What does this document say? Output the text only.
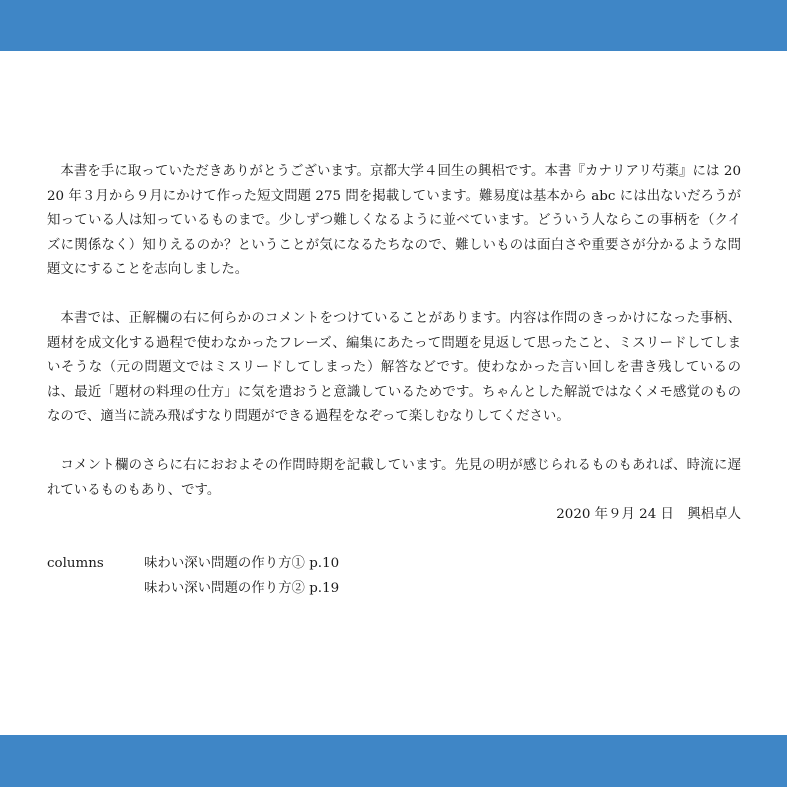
本書を手に取っていただきありがとうございます。京都大学４回生の興梠です。本書『カナリアリ芍薬』には 2020 年３月から９月にかけて作った短文問題 275 問を掲載しています。難易度は基本から abc には出ないだろうが知っている人は知っているものまで。少しずつ難しくなるように並べています。どういう人ならこの事柄を（クイズに関係なく）知りえるのか？ということが気になるたちなので、難しいものは面白さや重要さが分かるような問題文にすることを志向しました。

本書では、正解欄の右に何らかのコメントをつけていることがあります。内容は作問のきっかけになった事柄、題材を成文化する過程で使わなかったフレーズ、編集にあたって問題を見返して思ったこと、ミスリードしてしまいそうな（元の問題文ではミスリードしてしまった）解答などです。使わなかった言い回しを書き残しているのは、最近「題材の料理の仕方」に気を遣おうと意識しているためです。ちゃんとした解説ではなくメモ感覚のものなので、適当に読み飛ばすなり問題ができる過程をなぞって楽しむなりしてください。

コメント欄のさらに右におおよその作問時期を記載しています。先見の明が感じられるものもあれば、時流に遅れているものもあり、です。

2020 年９月 24 日　興梠卓人

columns	味わい深い問題の作り方① p.10
味わい深い問題の作り方② p.19
